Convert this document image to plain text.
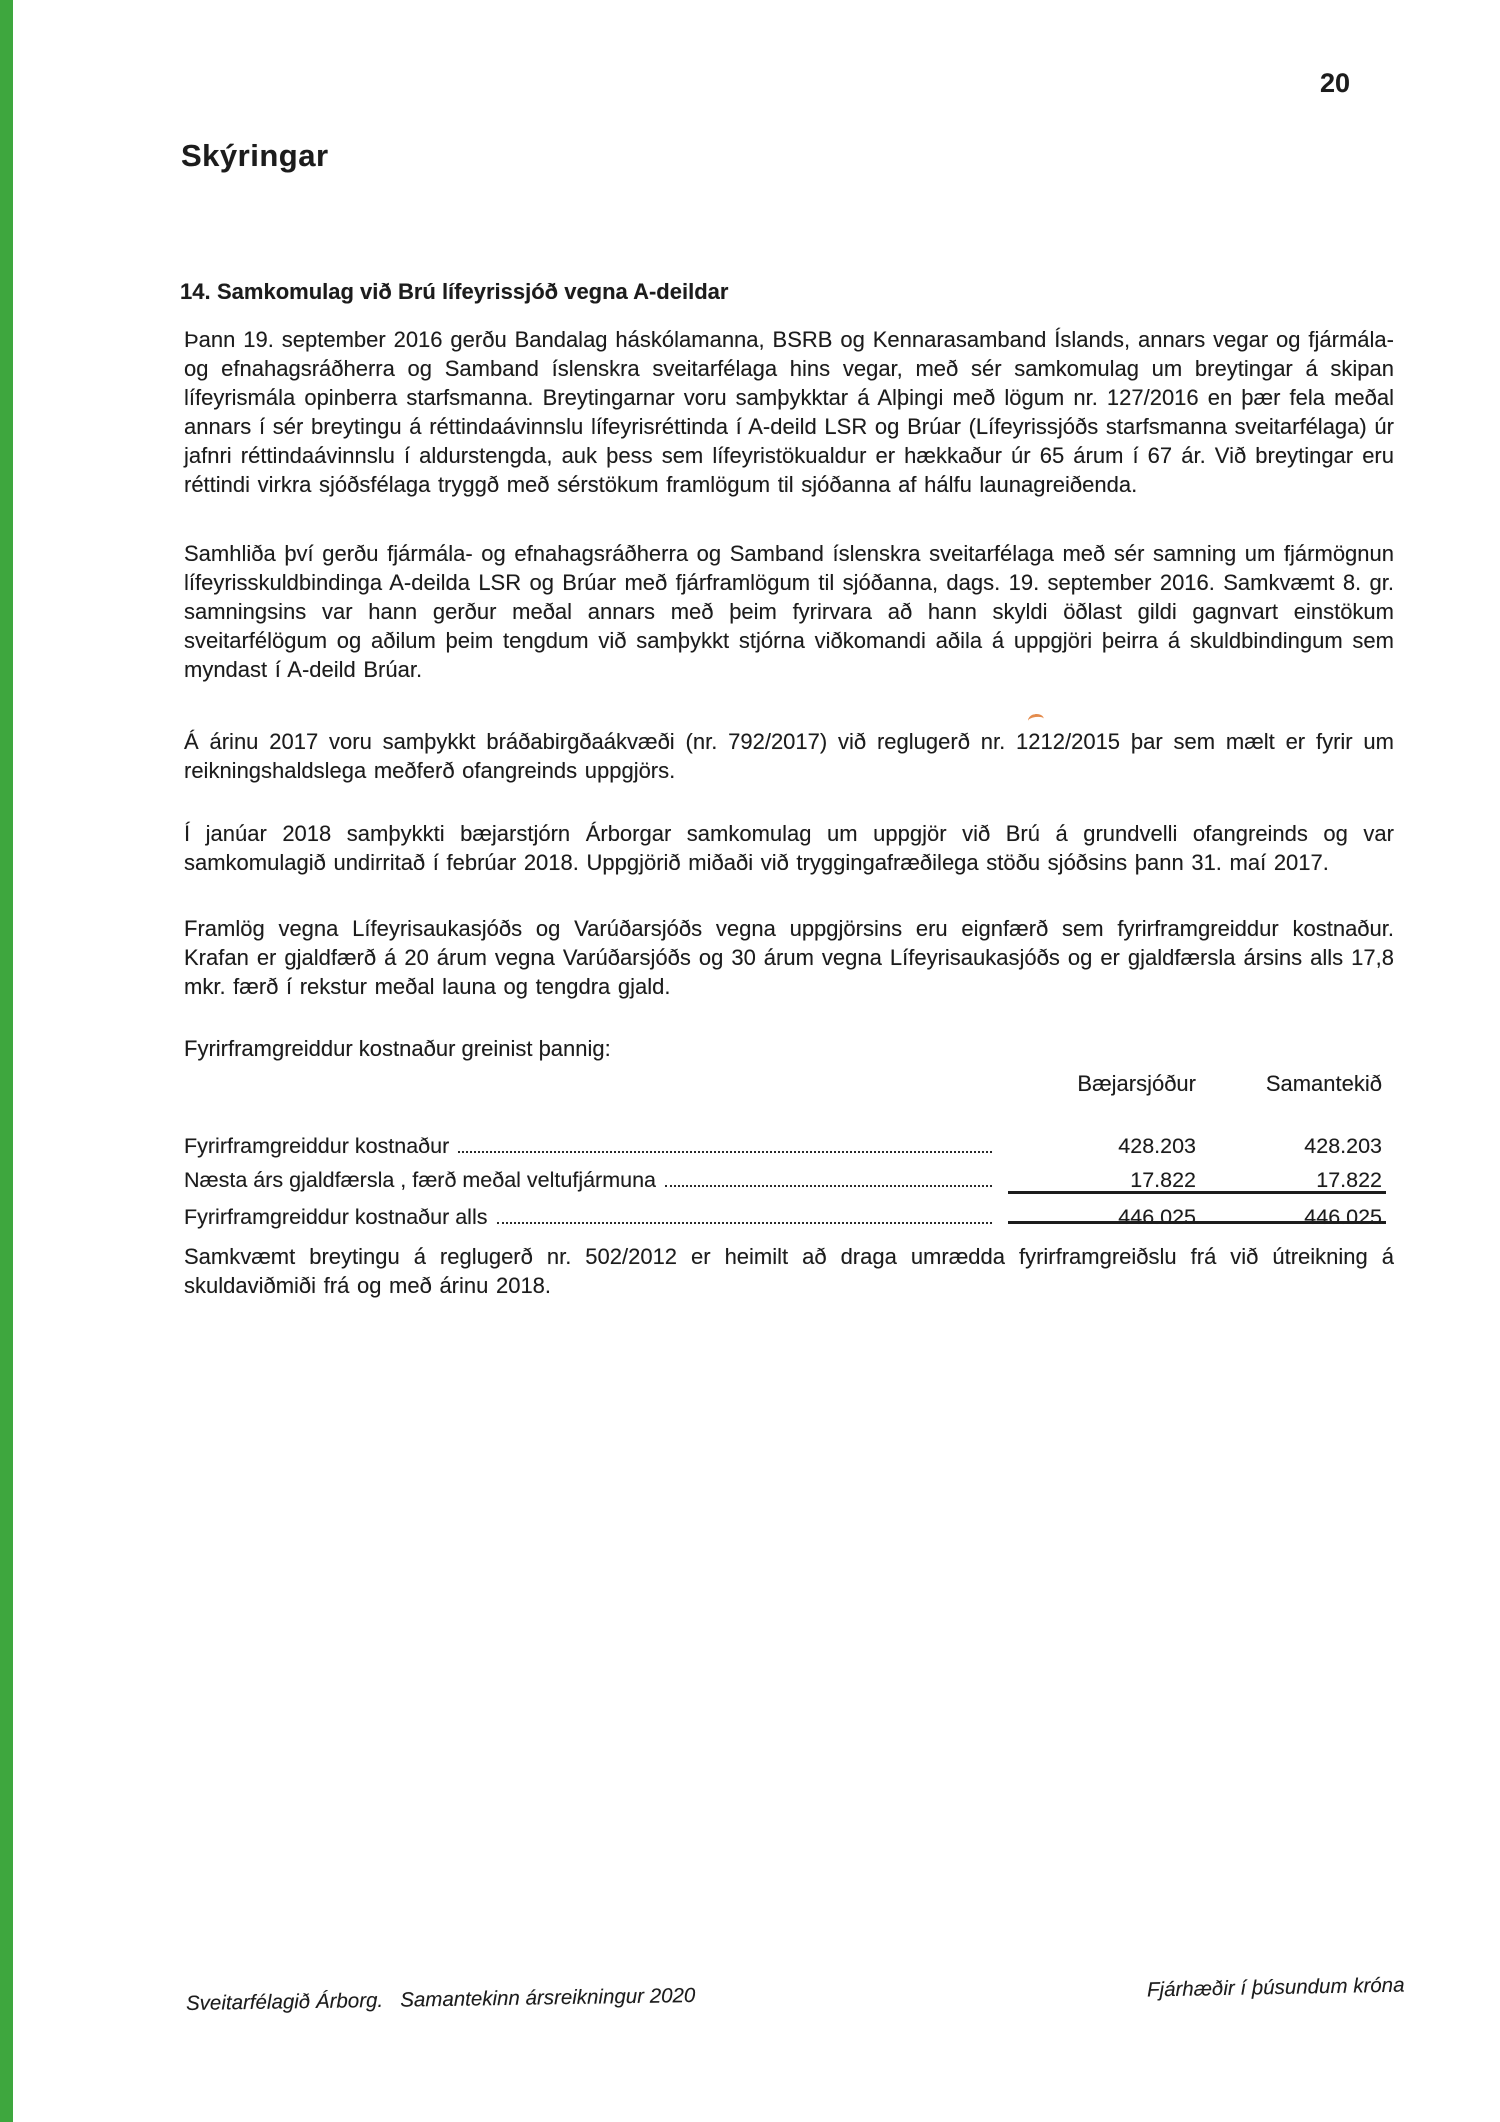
20
Skýringar
14. Samkomulag við Brú lífeyrissjóð vegna A-deildar

Þann 19. september 2016 gerðu Bandalag háskólamanna, BSRB og Kennarasamband Íslands, annars vegar og fjármála- og efnahagsráðherra og Samband íslenskra sveitarfélaga hins vegar, með sér samkomulag um breytingar á skipan lífeyrismála opinberra starfsmanna. Breytingarnar voru samþykktar á Alþingi með lögum nr. 127/2016 en þær fela meðal annars í sér breytingu á réttindaávinnslu lífeyrisréttinda í A-deild LSR og Brúar (Lífeyrissjóðs starfsmanna sveitarfélaga) úr jafnri réttindaávinnslu í aldurstengda, auk þess sem lífeyristökualdur er hækkaður úr 65 árum í 67 ár. Við breytingar eru réttindi virkra sjóðsfélaga tryggð með sérstökum framlögum til sjóðanna af hálfu launagreiðenda.

Samhliða því gerðu fjármála- og efnahagsráðherra og Samband íslenskra sveitarfélaga með sér samning um fjármögnun lífeyrisskuldbindinga A-deilda LSR og Brúar með fjárframlögum til sjóðanna, dags. 19. september 2016. Samkvæmt 8. gr. samningsins var hann gerður meðal annars með þeim fyrirvara að hann skyldi öðlast gildi gagnvart einstökum sveitarfélögum og aðilum þeim tengdum við samþykkt stjórna viðkomandi aðila á uppgjöri þeirra á skuldbindingum sem myndast í A-deild Brúar.

Á árinu 2017 voru samþykkt bráðabirgðaákvæði (nr. 792/2017) við reglugerð nr. 1212/2015 þar sem mælt er fyrir um reikningshaldslega meðferð ofangreinds uppgjörs.

Í janúar 2018 samþykkti bæjarstjórn Árborgar samkomulag um uppgjör við Brú á grundvelli ofangreinds og var samkomulagið undirritað í febrúar 2018. Uppgjörið miðaði við tryggingafræðilega stöðu sjóðsins þann 31. maí 2017.

Framlög vegna Lífeyrisaukasjóðs og Varúðarsjóðs vegna uppgjörsins eru eignfærð sem fyrirframgreiddur kostnaður. Krafan er gjaldfærð á 20 árum vegna Varúðarsjóðs og 30 árum vegna Lífeyrisaukasjóðs og er gjaldfærsla ársins alls 17,8 mkr. færð í rekstur meðal launa og tengdra gjald.

Fyrirframgreiddur kostnaður greinist þannig:
Bæjarsjóður	Samantekið
Fyrirframgreiddur kostnaður	428.203	428.203
Næsta árs gjaldfærsla , færð meðal veltufjármuna	17.822	17.822
Fyrirframgreiddur kostnaður alls	446.025	446.025

Samkvæmt breytingu á reglugerð nr. 502/2012 er heimilt að draga umrædda fyrirframgreiðslu frá við útreikning á skuldaviðmiði frá og með árinu 2018.

Sveitarfélagið Árborg.   Samantekinn ársreikningur 2020	Fjárhæðir í þúsundum króna
